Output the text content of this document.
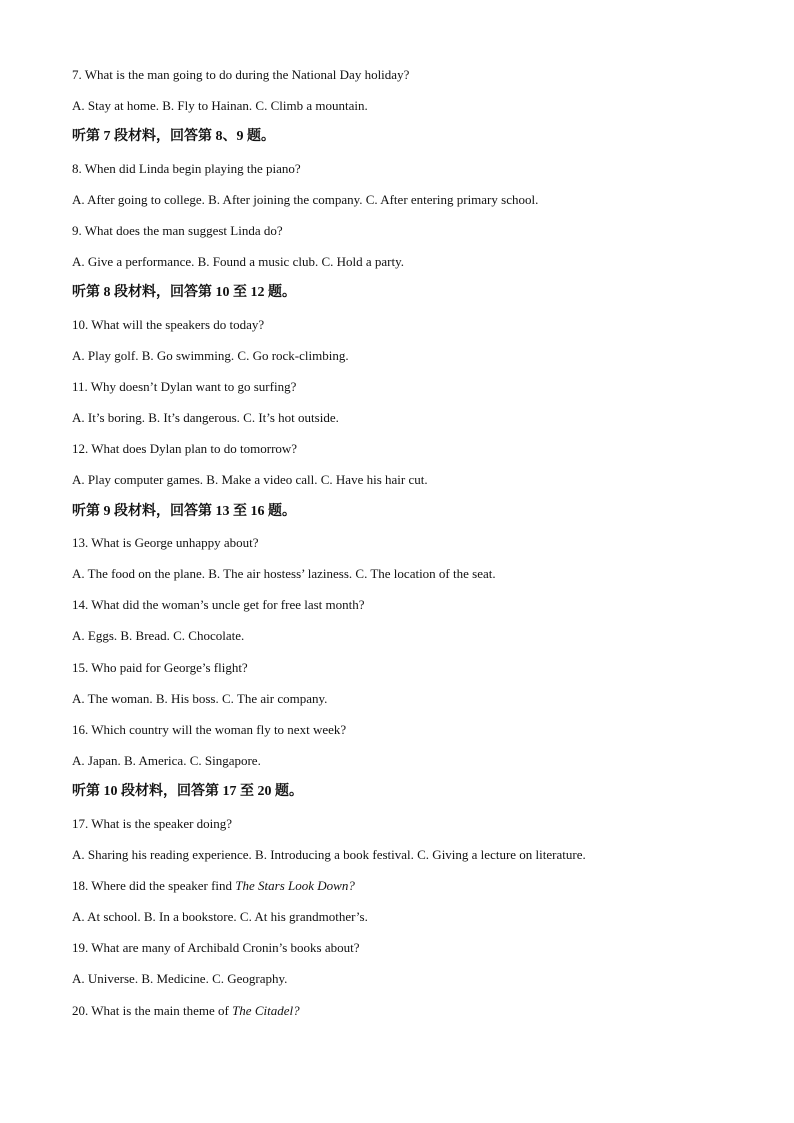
7. What is the man going to do during the National Day holiday?
A. Stay at home. B. Fly to Hainan. C. Climb a mountain.
听第 7 段材料，回答第 8、9 题。
8. When did Linda begin playing the piano?
A. After going to college. B. After joining the company. C. After entering primary school.
9. What does the man suggest Linda do?
A. Give a performance. B. Found a music club. C. Hold a party.
听第 8 段材料，回答第 10 至 12 题。
10. What will the speakers do today?
A. Play golf. B. Go swimming. C. Go rock-climbing.
11. Why doesn’t Dylan want to go surfing?
A. It’s boring. B. It’s dangerous. C. It’s hot outside.
12. What does Dylan plan to do tomorrow?
A. Play computer games. B. Make a video call. C. Have his hair cut.
听第 9 段材料，回答第 13 至 16 题。
13. What is George unhappy about?
A. The food on the plane. B. The air hostess’ laziness. C. The location of the seat.
14. What did the woman’s uncle get for free last month?
A. Eggs. B. Bread. C. Chocolate.
15. Who paid for George’s flight?
A. The woman. B. His boss. C. The air company.
16. Which country will the woman fly to next week?
A. Japan. B. America. C. Singapore.
听第 10 段材料，回答第 17 至 20 题。
17. What is the speaker doing?
A. Sharing his reading experience. B. Introducing a book festival. C. Giving a lecture on literature.
18. Where did the speaker find The Stars Look Down?
A. At school. B. In a bookstore. C. At his grandmother’s.
19. What are many of Archibald Cronin’s books about?
A. Universe. B. Medicine. C. Geography.
20. What is the main theme of The Citadel?
